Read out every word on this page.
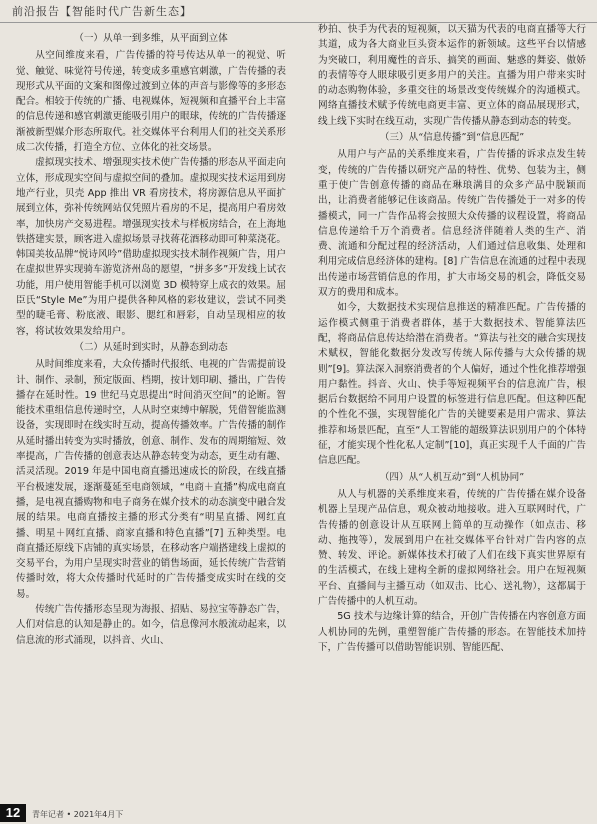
前沿报告【智能时代广告新生态】
（一）从单一到多维，从平面到立体

从空间维度来看，广告传播的符号传达从单一的视觉、听觉、触觉、味觉符号传递，转变成多重感官刺激，广告传播的表现形式从平面的文案和图像过渡到立体的声音与影像等的多形态配合。相较于传统的广播、电视媒体，短视频和直播平台上丰富的信息传递和感官刺激更能吸引用户的眼球，传统的广告传播逐渐被新型媒介形态所取代。社交媒体平台利用人们的社交关系形成二次传播，打造全方位、立体化的社交场景。

虚拟现实技术、增强现实技术使广告传播的形态从平面走向立体，形成现实空间与虚拟空间的叠加。虚拟现实技术运用到房地产行业，贝壳 App 推出 VR 看房技术，将房源信息从平面扩展到立体，弥补传统网站仅凭照片看房的不足，提高用户看房效率，加快房产交易进程。增强现实技术与样板房结合，在上海地铁搭建实景，顾客进入虚拟场景寻找蒋花酒移动即可种菜浇花。韩国美妆品牌“悦诗风吟”借助虚拟现实技术制作视频广告，用户在虚拟世界实现骑车游览济州岛的愿望，“拼多多”开发线上试衣功能，用户使用智能手机可以浏览 3D 模特穿上成衣的效果。屈臣氏“Style Me”为用户提供各种风格的彩妆建议，尝试不同类型的睫毛膏、粉底液、眼影、腮红和唇彩，自动呈现相应的妆容，将试妆效果发给用户。

（二）从延时到实时，从静态到动态

从时间维度来看，大众传播时代报纸、电视的广告需提前设计、制作、录制，预定版面、档期，按计划印刷、播出，广告传播存在延时性。19 世纪马克思提出“时间消灭空间”的论断。智能技术重组信息传递时空，人从时空束缚中解脱，凭借智能监测设备，实现即时在线实时互动，提高传播效率。广告传播的制作从延时播出转变为实时播放，创意、制作、发布的周期缩短、效率提高，广告传播的创意表达从静态转变为动态，更生动有趣、活灵活现。2019 年是中国电商直播迅速成长的阶段，在线直播平台极速发展，逐渐蔓延至电商领域，“电商＋直播”构成电商直播，是电视直播购物和电子商务在媒介技术的动态演变中融合发展的结果。电商直播按主播的形式分类有“明星直播、网红直播、明星＋网红直播、商家直播和特色直播”[7] 五种类型。电商直播还原线下店铺的真实场景，在移动客户端搭建线上虚拟的交易平台，为用户呈现实时营业的销售场面，延长传统广告营销传播时效，将大众传播时代延时的广告传播变成实时在线的交易。

传统广告传播形态呈现为海报、招贴、易拉宝等静态广告，人们对信息的认知是静止的。如今，信息像河水般流动起来，以信息流的形式涌现，以抖音、火山、

秒拍、快手为代表的短视频，以天猫为代表的电商直播等大行其道，成为各大商业巨头资本运作的新领域。这些平台以情感为突破口，利用魔性的音乐、搞笑的画面、魅惑的舞姿、傲娇的表情等夺人眼球吸引更多用户的关注。直播为用户带来实时的动态购物体验，多重交往的场景改变传统媒介的沟通模式。网络直播技术赋予传统电商更丰富、更立体的商品展现形式，线上线下实时在线互动，实现广告传播从静态到动态的转变。

（三）从“信息传播”到“信息匹配”

从用户与产品的关系维度来看，广告传播的诉求点发生转变，传统的广告传播以研究产品的特性、优势、包装为主，侧重于使广告创意传播的商品在琳琅满目的众多产品中脱颖而出，让消费者能够记住该商品。传统广告传播处于一对多的传播模式，同一广告作品将会按照大众传播的议程设置，将商品信息传递给千万个消费者。信息经济伴随着人类的生产、消费、流通和分配过程的经济活动，人们通过信息收集、处理和利用完成信息经济体的建构。[8] 广告信息在流通的过程中表现出传递市场营销信息的作用，扩大市场交易的机会，降低交易双方的费用和成本。

如今，大数据技术实现信息推送的精准匹配。广告传播的运作模式侧重于消费者群体，基于大数据技术、智能算法匹配，将商品信息传达给潜在消费者。“算法与社交的融合实现技术赋权，智能化数据分发改写传统人际传播与大众传播的规则”[9]。算法深入洞察消费者的个人偏好，通过个性化推荐增强用户黏性。抖音、火山、快手等短视频平台的信息流广告，根据后台数据给不同用户设置的标签进行信息匹配。但这种匹配的个性化不强，实现智能化广告的关键要素是用户需求、算法推荐和场景匹配，直至“人工智能的超级算法识别用户的个体特征，才能实现个性化私人定制”[10]，真正实现千人千面的广告信息匹配。

（四）从“人机互动”到“人机协同”

从人与机器的关系维度来看，传统的广告传播在媒介设备机器上呈现产品信息，观众被动地接收。进入互联网时代，广告传播的创意设计从互联网上简单的互动操作（如点击、移动、拖拽等），发展到用户在社交媒体平台针对广告内容的点赞、转发、评论。新媒体技术打破了人们在线下真实世界原有的生活模式，在线上建构全新的虚拟网络社会。用户在短视频平台、直播间与主播互动（如双击、比心、送礼物），这都属于广告传播中的人机互动。

5G 技术与边缘计算的结合，开创广告传播在内容创意方面人机协同的先例，重塑智能广告传播的形态。在智能技术加持下，广告传播可以借助智能识别、智能匹配、

12	青年记者 • 2021年4月下
